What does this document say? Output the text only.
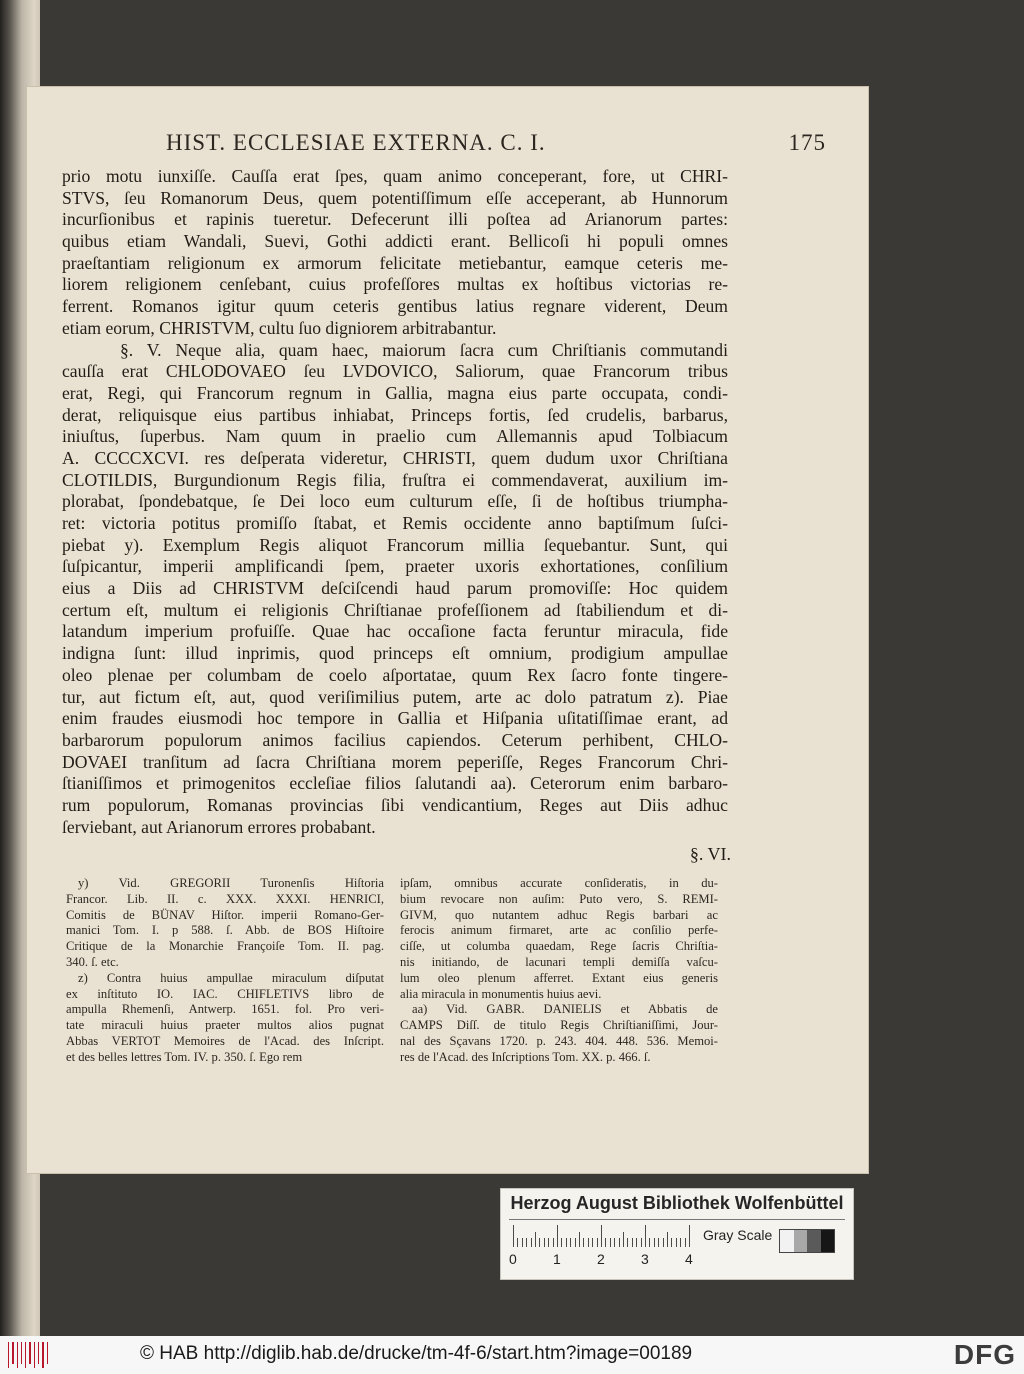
HIST. ECCLESIAE EXTERNA. C. I.	175
prio motu iunxiſſe. Cauſſa erat ſpes, quam animo conceperant, fore, ut CHRI-
STVS, ſeu Romanorum Deus, quem potentiſſimum eſſe acceperant, ab Hunnorum
incurſionibus et rapinis tueretur. Defecerunt illi poſtea ad Arianorum partes:
quibus etiam Wandali, Suevi, Gothi addicti erant. Bellicoſi hi populi omnes
praeſtantiam religionum ex armorum felicitate metiebantur, eamque ceteris me-
liorem religionem cenſebant, cuius profeſſores multas ex hoſtibus victorias re-
ferrent. Romanos igitur quum ceteris gentibus latius regnare viderent, Deum
etiam eorum, CHRISTVM, cultu ſuo digniorem arbitrabantur.
§. V. Neque alia, quam haec, maiorum ſacra cum Chriſtianis commutandi
cauſſa erat CHLODOVAEO ſeu LVDOVICO, Saliorum, quae Francorum tribus
erat, Regi, qui Francorum regnum in Gallia, magna eius parte occupata, condi-
derat, reliquisque eius partibus inhiabat, Princeps fortis, ſed crudelis, barbarus,
iniuſtus, ſuperbus. Nam quum in praelio cum Allemannis apud Tolbiacum
A. CCCCXCVI. res deſperata videretur, CHRISTI, quem dudum uxor Chriſtiana
CLOTILDIS, Burgundionum Regis filia, fruſtra ei commendaverat, auxilium im-
plorabat, ſpondebatque, ſe Dei loco eum culturum eſſe, ſi de hoſtibus triumpha-
ret: victoria potitus promiſſo ſtabat, et Remis occidente anno baptiſmum ſuſci-
piebat y). Exemplum Regis aliquot Francorum millia ſequebantur. Sunt, qui
ſuſpicantur, imperii amplificandi ſpem, praeter uxoris exhortationes, conſilium
eius a Diis ad CHRISTVM deſciſcendi haud parum promoviſſe: Hoc quidem
certum eſt, multum ei religionis Chriſtianae profeſſionem ad ſtabiliendum et di-
latandum imperium profuiſſe. Quae hac occaſione facta feruntur miracula, fide
indigna ſunt: illud inprimis, quod princeps eſt omnium, prodigium ampullae
oleo plenae per columbam de coelo aſportatae, quum Rex ſacro fonte tingere-
tur, aut fictum eſt, aut, quod veriſimilius putem, arte ac dolo patratum z). Piae
enim fraudes eiusmodi hoc tempore in Gallia et Hiſpania uſitatiſſimae erant, ad
barbarorum populorum animos facilius capiendos. Ceterum perhibent, CHLO-
DOVAEI tranſitum ad ſacra Chriſtiana morem peperiſſe, Reges Francorum Chri-
ſtianiſſimos et primogenitos eccleſiae filios ſalutandi aa). Ceterorum enim barbaro-
rum populorum, Romanas provincias ſibi vendicantium, Reges aut Diis adhuc
ſerviebant, aut Arianorum errores probabant.
§. VI.
y) Vid. GREGORII Turonenſis Hiſtoria
Francor. Lib. II. c. XXX. XXXI. HENRICI,
Comitis de BÜNAV Hiſtor. imperii Romano-Ger-
manici Tom. I. p 588. ſ. Abb. de BOS Hiſtoire
Critique de la Monarchie Françoiſe Tom. II. pag.
340. ſ. etc.
z) Contra huius ampullae miraculum diſputat
ex inſtituto IO. IAC. CHIFLETIVS libro de
ampulla Rhemenſi, Antwerp. 1651. fol. Pro veri-
tate miraculi huius praeter multos alios pugnat
Abbas VERTOT Memoires de l'Acad. des Inſcript.
et des belles lettres Tom. IV. p. 350. ſ. Ego rem
ipſam, omnibus accurate conſideratis, in du-
bium revocare non auſim: Puto vero, S. REMI-
GIVM, quo nutantem adhuc Regis barbari ac
ferocis animum firmaret, arte ac conſilio perfe-
ciſſe, ut columba quaedam, Rege ſacris Chriſtia-
nis initiando, de lacunari templi demiſſa vaſcu-
lum oleo plenum afferret. Extant eius generis
alia miracula in monumentis huius aevi.
aa) Vid. GABR. DANIELIS et Abbatis de
CAMPS Diſſ. de titulo Regis Chriſtianiſſimi, Jour-
nal des Sçavans 1720. p. 243. 404. 448. 536. Memoi-
res de l'Acad. des Inſcriptions Tom. XX. p. 466. ſ.
Herzog August Bibliothek Wolfenbüttel
0	1	2	3	4
Gray Scale
© HAB http://diglib.hab.de/drucke/tm-4f-6/start.htm?image=00189	DFG
